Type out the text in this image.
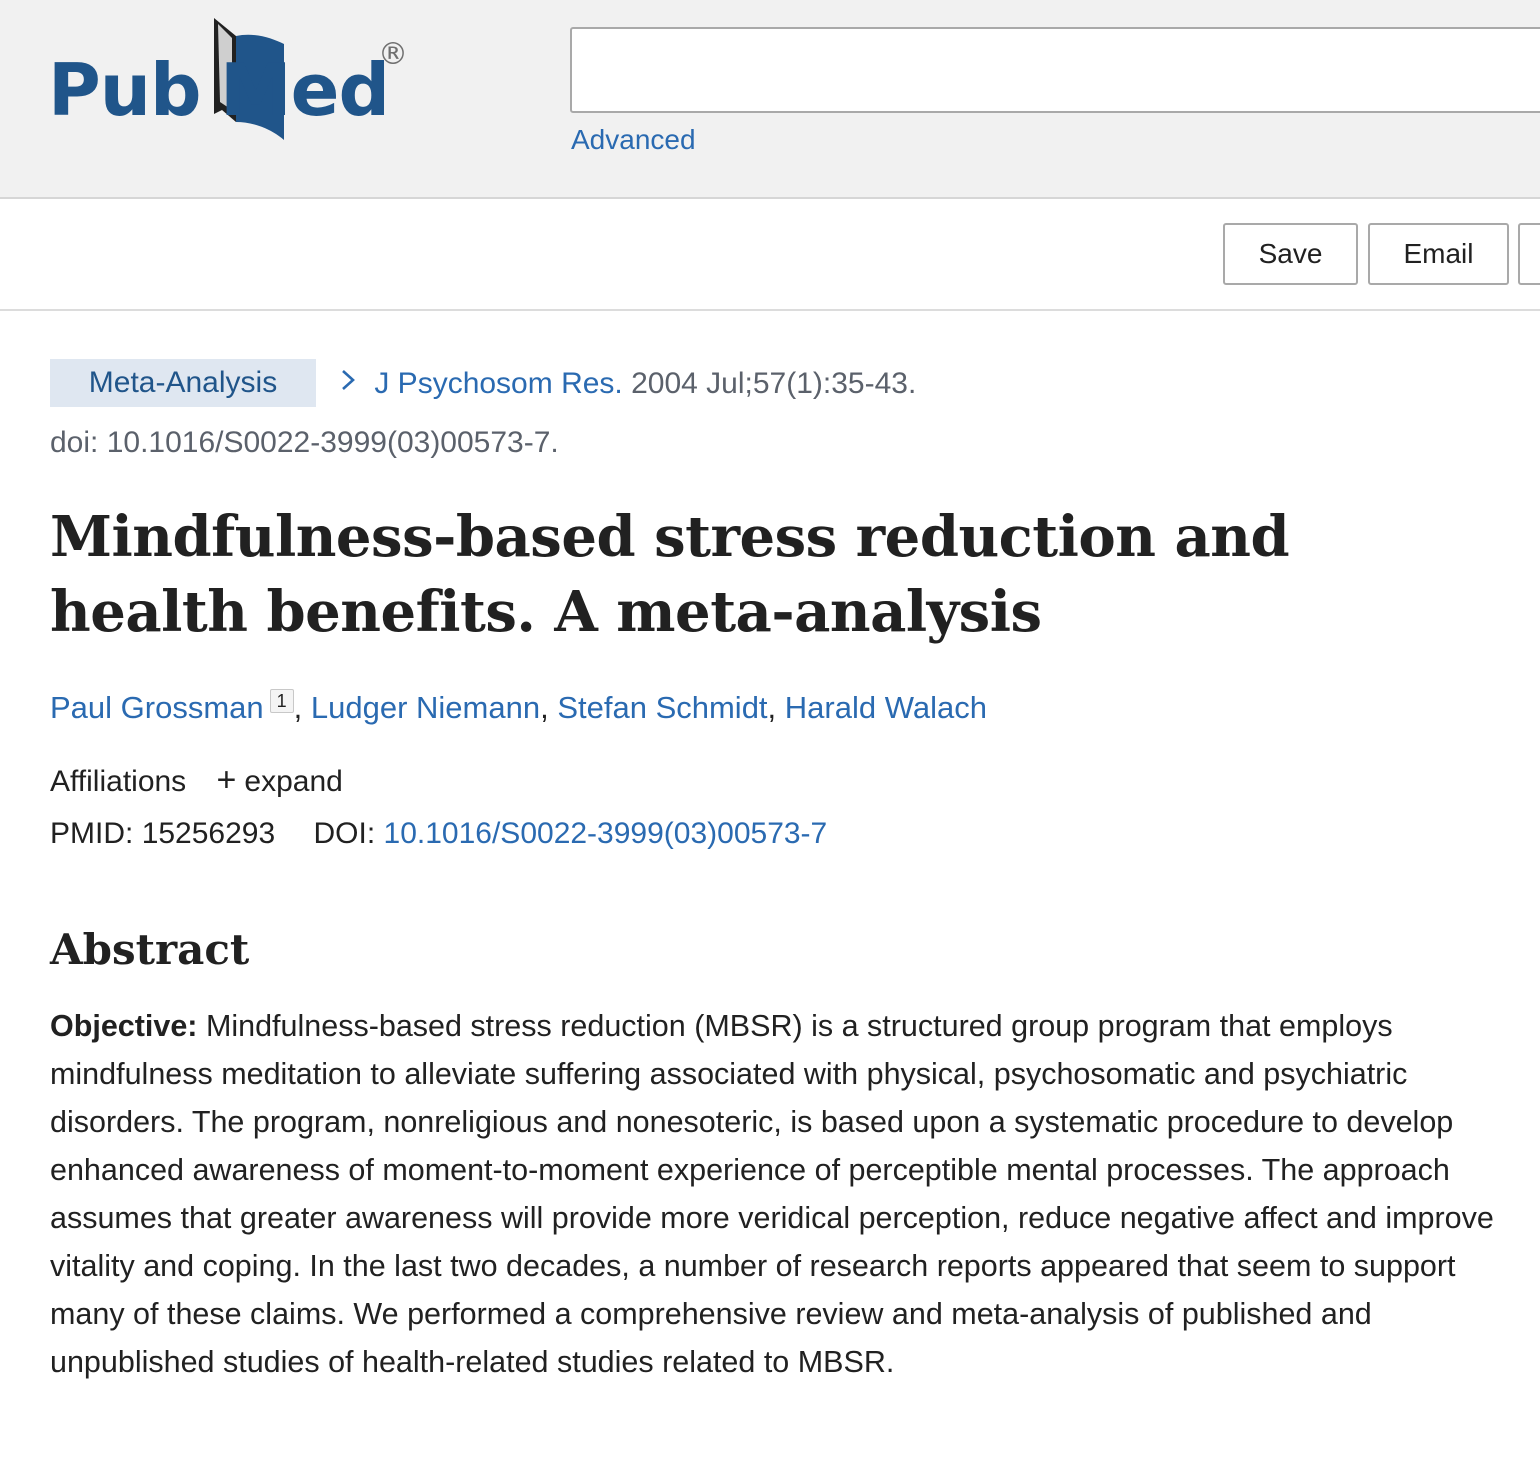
Pub Med
®
Advanced
Save	Email
Meta-Analysis	J Psychosom Res. 2004 Jul;57(1):35-43.
doi: 10.1016/S0022-3999(03)00573-7.
Mindfulness-based stress reduction and health benefits. A meta-analysis
Paul Grossman 1 , Ludger Niemann, Stefan Schmidt, Harald Walach
Affiliations + expand
PMID: 15256293 DOI: 10.1016/S0022-3999(03)00573-7
Abstract

Objective: Mindfulness-based stress reduction (MBSR) is a structured group program that employs mindfulness meditation to alleviate suffering associated with physical, psychosomatic and psychiatric disorders. The program, nonreligious and nonesoteric, is based upon a systematic procedure to develop enhanced awareness of moment-to-moment experience of perceptible mental processes. The approach assumes that greater awareness will provide more veridical perception, reduce negative affect and improve vitality and coping. In the last two decades, a number of research reports appeared that seem to support many of these claims. We performed a comprehensive review and meta-analysis of published and unpublished studies of health-related studies related to MBSR.
